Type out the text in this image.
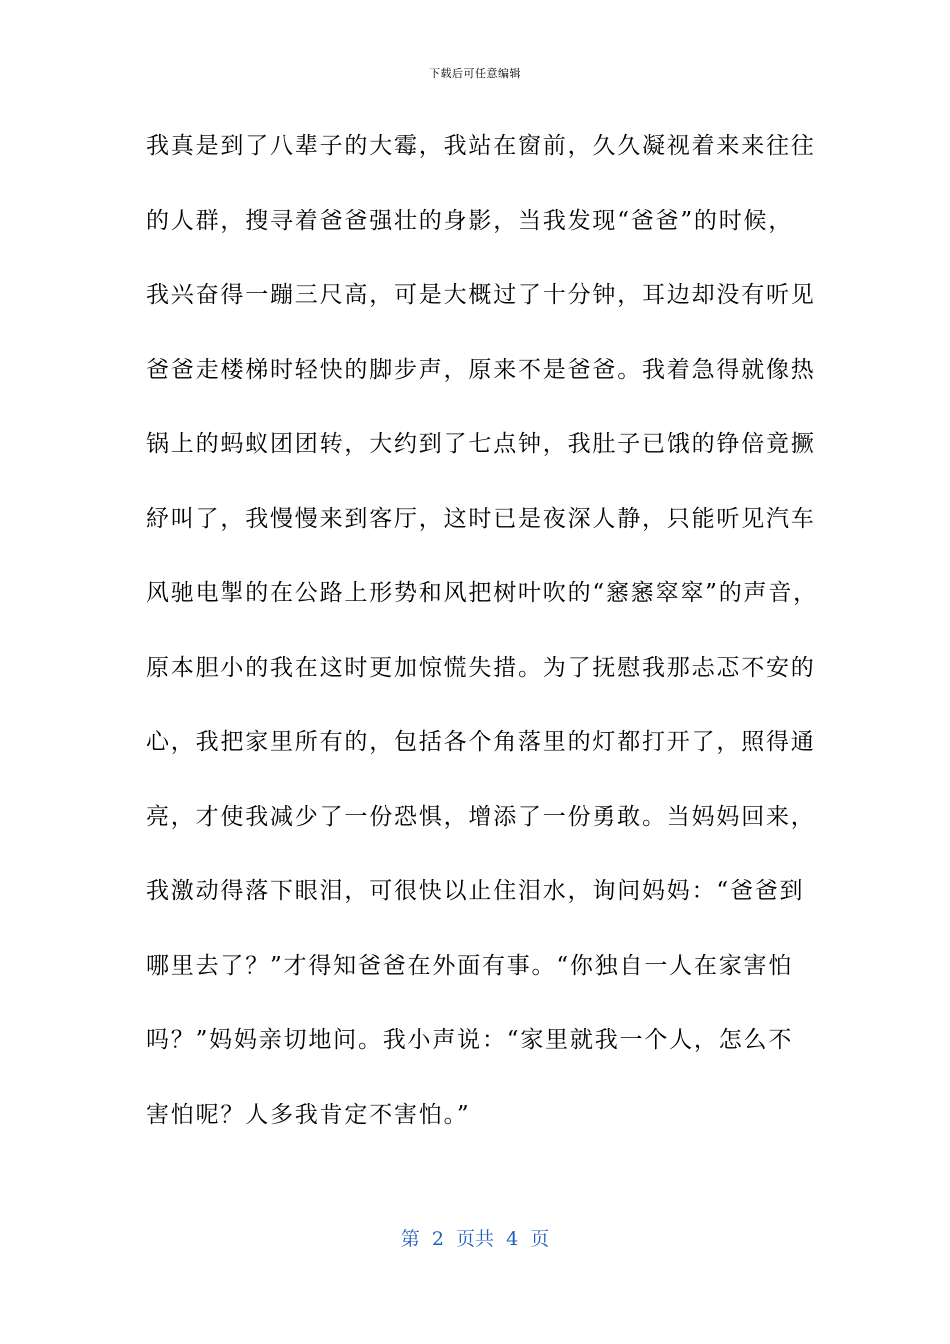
下载后可任意编辑
我真是到了八辈子的大霉，我站在窗前，久久凝视着来来往往
的人群，搜寻着爸爸强壮的身影，当我发现“爸爸”的时候，
我兴奋得一蹦三尺高，可是大概过了十分钟，耳边却没有听见
爸爸走楼梯时轻快的脚步声，原来不是爸爸。我着急得就像热
锅上的蚂蚁团团转，大约到了七点钟，我肚子已饿的铮倍竟撅
紓叫了，我慢慢来到客厅，这时已是夜深人静，只能听见汽车
风驰电掣的在公路上形势和风把树叶吹的“窸窸窣窣”的声音，
原本胆小的我在这时更加惊慌失措。为了抚慰我那忐忑不安的
心，我把家里所有的，包括各个角落里的灯都打开了，照得通
亮，才使我减少了一份恐惧，增添了一份勇敢。当妈妈回来，
我激动得落下眼泪，可很快以止住泪水，询问妈妈：“爸爸到
哪里去了？”才得知爸爸在外面有事。“你独自一人在家害怕
吗？”妈妈亲切地问。我小声说：“家里就我一个人，怎么不
害怕呢？人多我肯定不害怕。”
第  2  页共  4  页
